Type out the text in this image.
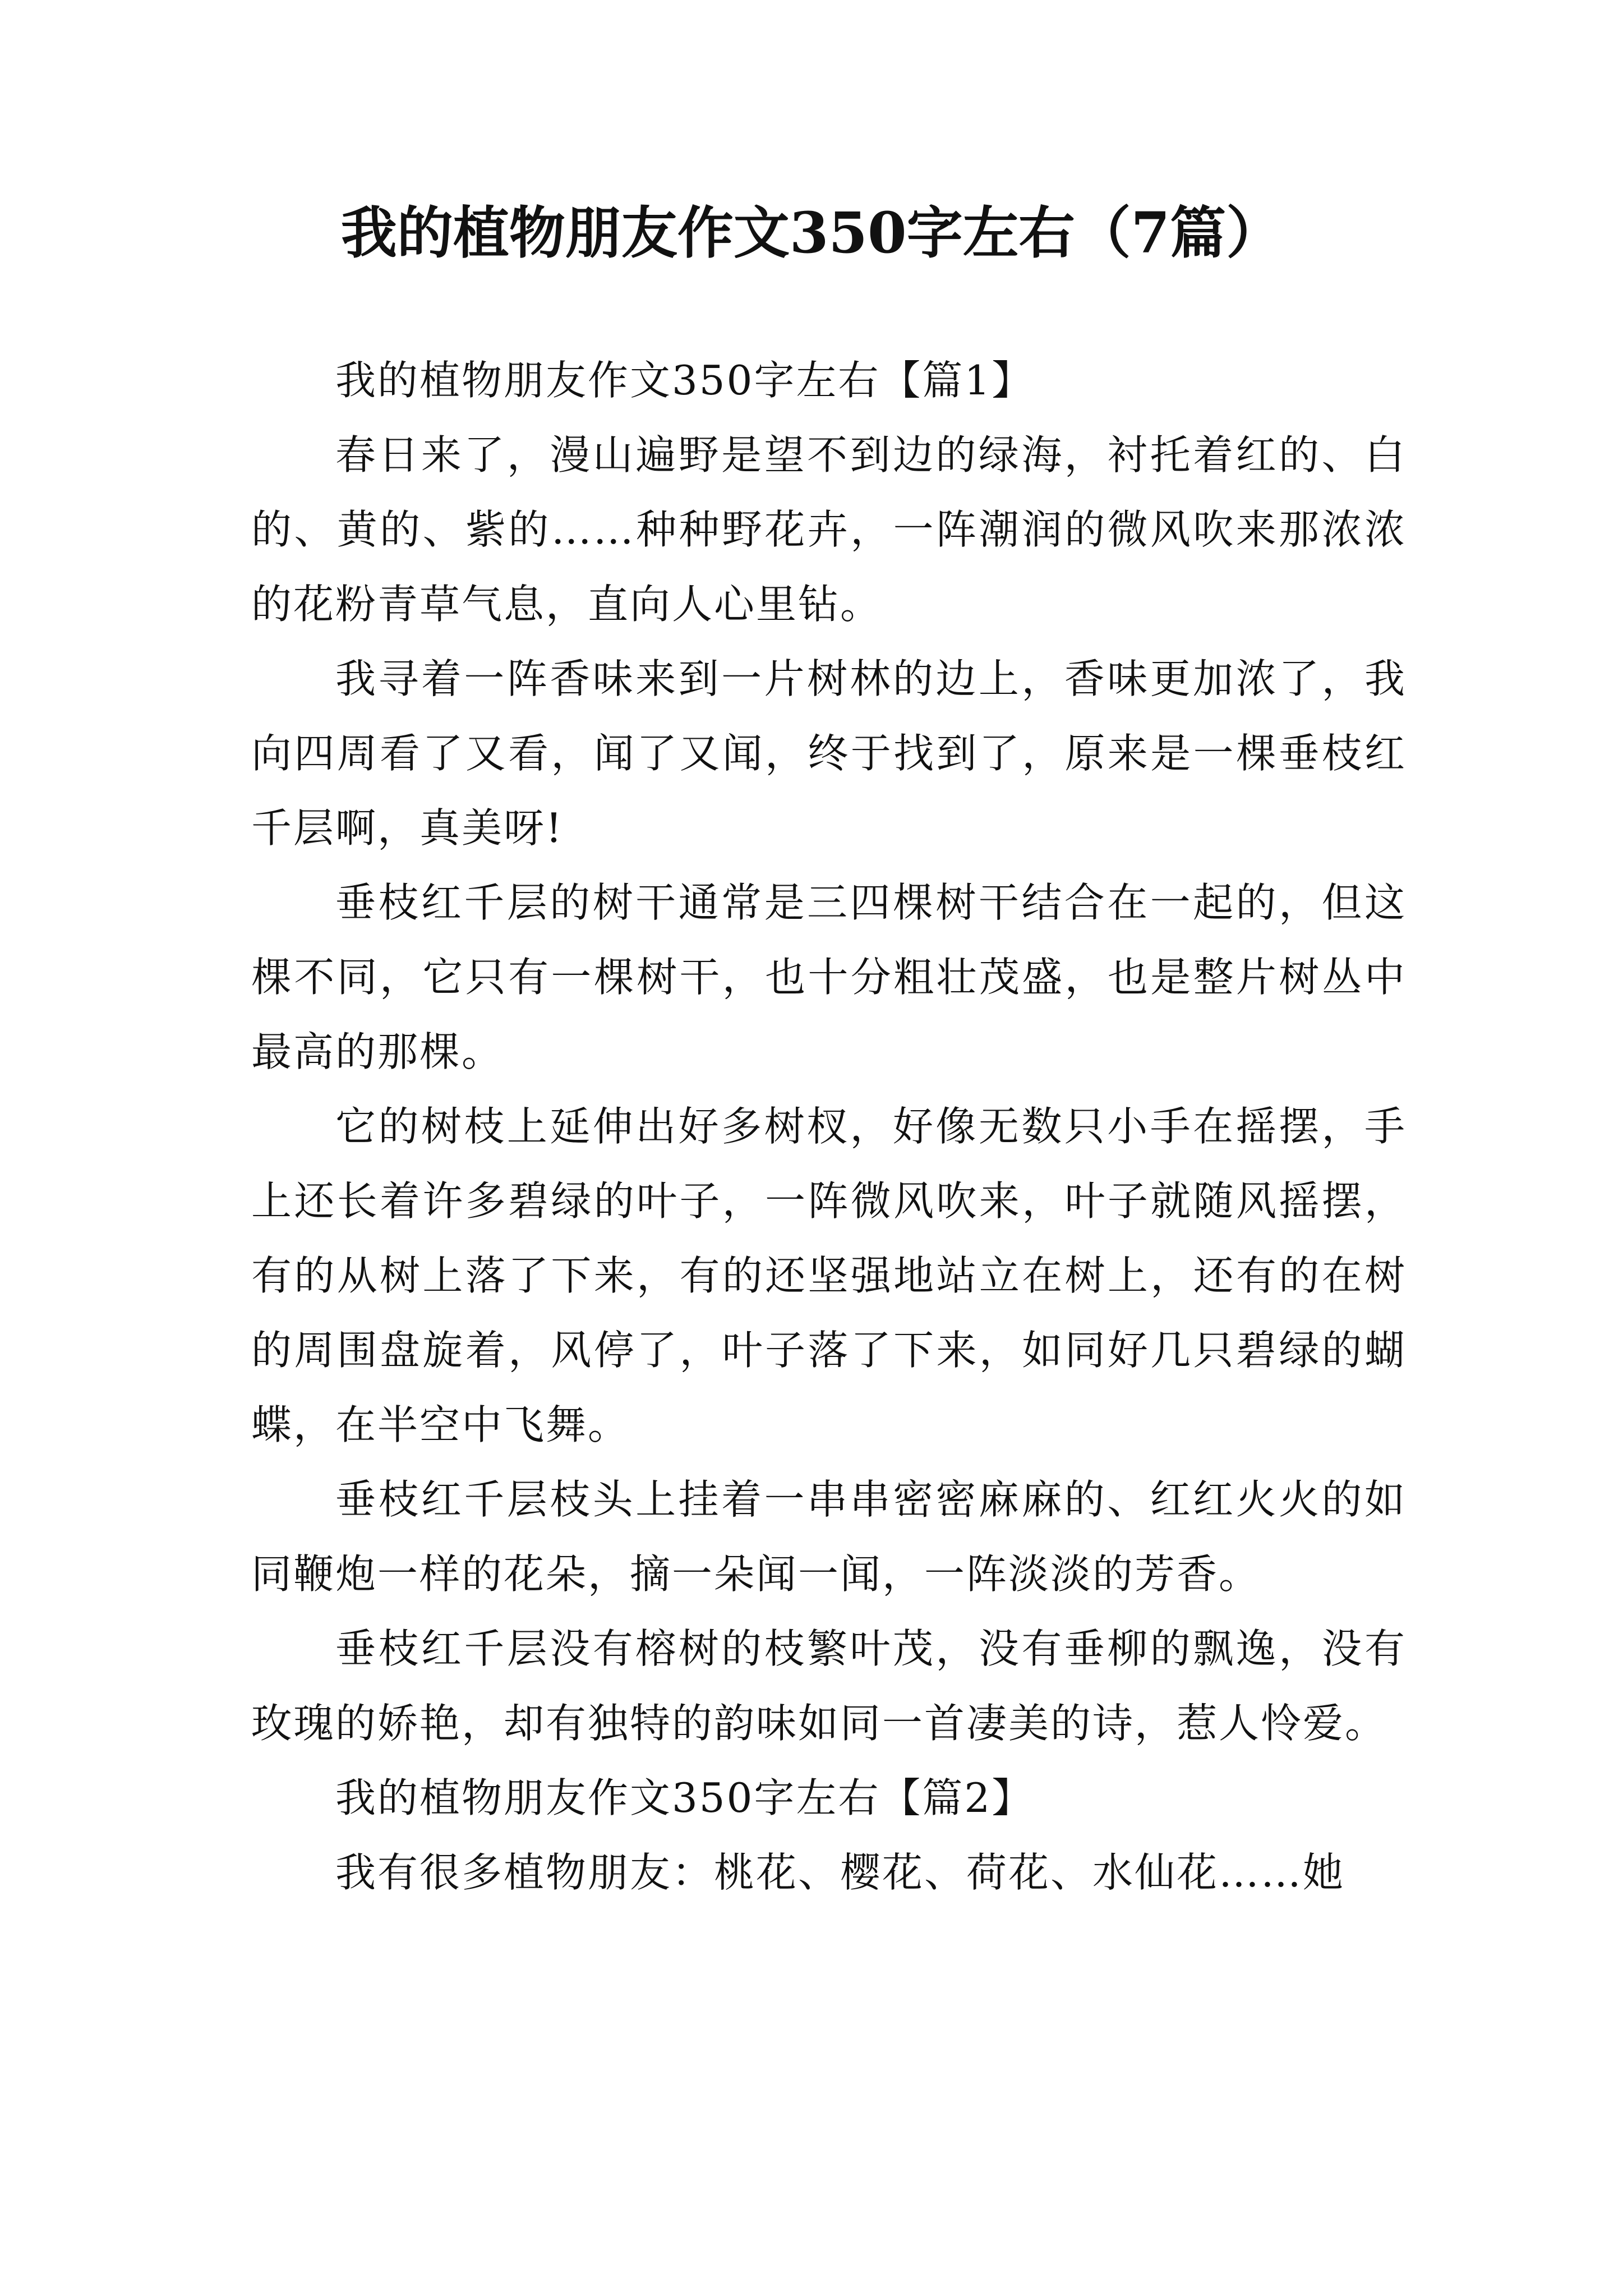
我的植物朋友作文350字左右（7篇）

我的植物朋友作文350字左右【篇1】

春日来了，漫山遍野是望不到边的绿海，衬托着红的、白的、黄的、紫的……种种野花卉，一阵潮润的微风吹来那浓浓的花粉青草气息，直向人心里钻。

我寻着一阵香味来到一片树林的边上，香味更加浓了，我向四周看了又看，闻了又闻，终于找到了，原来是一棵垂枝红千层啊，真美呀!

垂枝红千层的树干通常是三四棵树干结合在一起的，但这棵不同，它只有一棵树干，也十分粗壮茂盛，也是整片树丛中最高的那棵。

它的树枝上延伸出好多树杈，好像无数只小手在摇摆，手上还长着许多碧绿的叶子，一阵微风吹来，叶子就随风摇摆，有的从树上落了下来，有的还坚强地站立在树上，还有的在树的周围盘旋着，风停了，叶子落了下来，如同好几只碧绿的蝴蝶，在半空中飞舞。

垂枝红千层枝头上挂着一串串密密麻麻的、红红火火的如同鞭炮一样的花朵，摘一朵闻一闻，一阵淡淡的芳香。

垂枝红千层没有榕树的枝繁叶茂，没有垂柳的飘逸，没有玫瑰的娇艳，却有独特的韵味如同一首凄美的诗，惹人怜爱。

我的植物朋友作文350字左右【篇2】

我有很多植物朋友：桃花、樱花、荷花、水仙花……她
